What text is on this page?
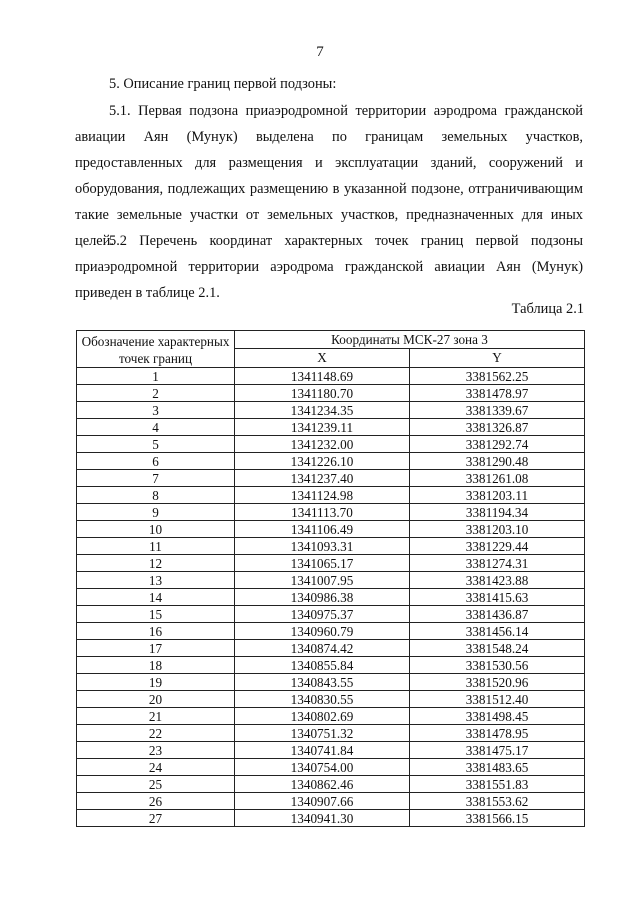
7
5. Описание границ первой подзоны:
5.1. Первая подзона приаэродромной территории аэродрома гражданской
авиации Аян (Мунук) выделена по границам земельных участков,
предоставленных для размещения и эксплуатации зданий, сооружений и
оборудования, подлежащих размещению в указанной подзоне, отграничивающим
такие земельные участки от земельных участков, предназначенных для иных целей.
5.2 Перечень координат характерных точек границ первой подзоны
приаэродромной территории аэродрома гражданской авиации Аян (Мунук)
приведен в таблице 2.1.
Таблица 2.1
Обозначение характерных точек границ	Координаты МСК-27 зона 3	
	X	Y
1	1341148.69	3381562.25
2	1341180.70	3381478.97
3	1341234.35	3381339.67
4	1341239.11	3381326.87
5	1341232.00	3381292.74
6	1341226.10	3381290.48
7	1341237.40	3381261.08
8	1341124.98	3381203.11
9	1341113.70	3381194.34
10	1341106.49	3381203.10
11	1341093.31	3381229.44
12	1341065.17	3381274.31
13	1341007.95	3381423.88
14	1340986.38	3381415.63
15	1340975.37	3381436.87
16	1340960.79	3381456.14
17	1340874.42	3381548.24
18	1340855.84	3381530.56
19	1340843.55	3381520.96
20	1340830.55	3381512.40
21	1340802.69	3381498.45
22	1340751.32	3381478.95
23	1340741.84	3381475.17
24	1340754.00	3381483.65
25	1340862.46	3381551.83
26	1340907.66	3381553.62
27	1340941.30	3381566.15
